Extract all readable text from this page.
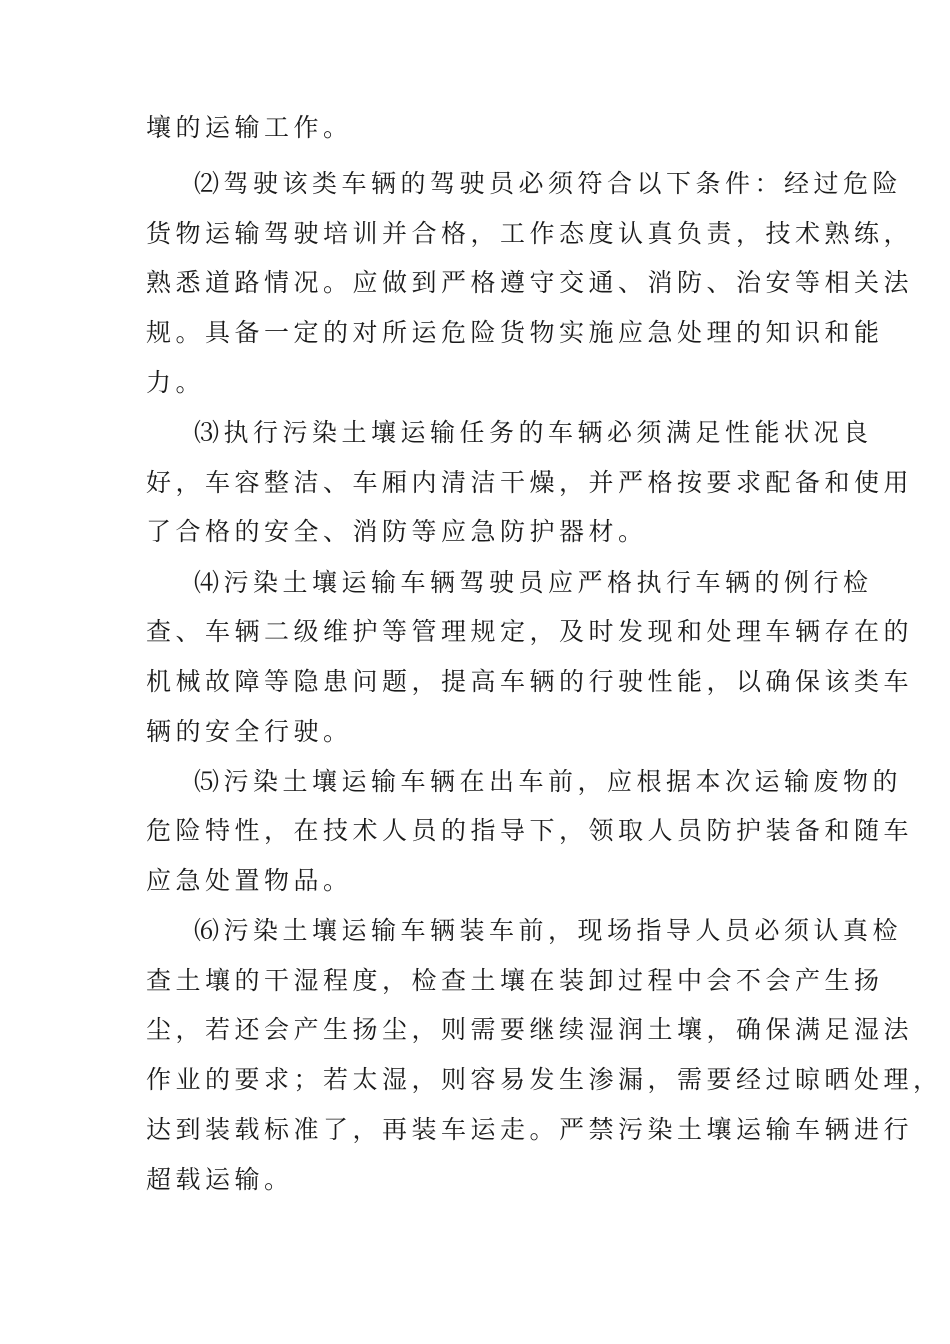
壤的运输工作。
⑵驾驶该类车辆的驾驶员必须符合以下条件：经过危险
货物运输驾驶培训并合格，工作态度认真负责，技术熟练，
熟悉道路情况。应做到严格遵守交通、消防、治安等相关法
规。具备一定的对所运危险货物实施应急处理的知识和能
力。
⑶执行污染土壤运输任务的车辆必须满足性能状况良
好，车容整洁、车厢内清洁干燥，并严格按要求配备和使用
了合格的安全、消防等应急防护器材。
⑷污染土壤运输车辆驾驶员应严格执行车辆的例行检
查、车辆二级维护等管理规定，及时发现和处理车辆存在的
机械故障等隐患问题，提高车辆的行驶性能，以确保该类车
辆的安全行驶。
⑸污染土壤运输车辆在出车前，应根据本次运输废物的
危险特性，在技术人员的指导下，领取人员防护装备和随车
应急处置物品。
⑹污染土壤运输车辆装车前，现场指导人员必须认真检
查土壤的干湿程度，检查土壤在装卸过程中会不会产生扬
尘，若还会产生扬尘，则需要继续湿润土壤，确保满足湿法
作业的要求；若太湿，则容易发生渗漏，需要经过晾晒处理，
达到装载标准了，再装车运走。严禁污染土壤运输车辆进行
超载运输。
